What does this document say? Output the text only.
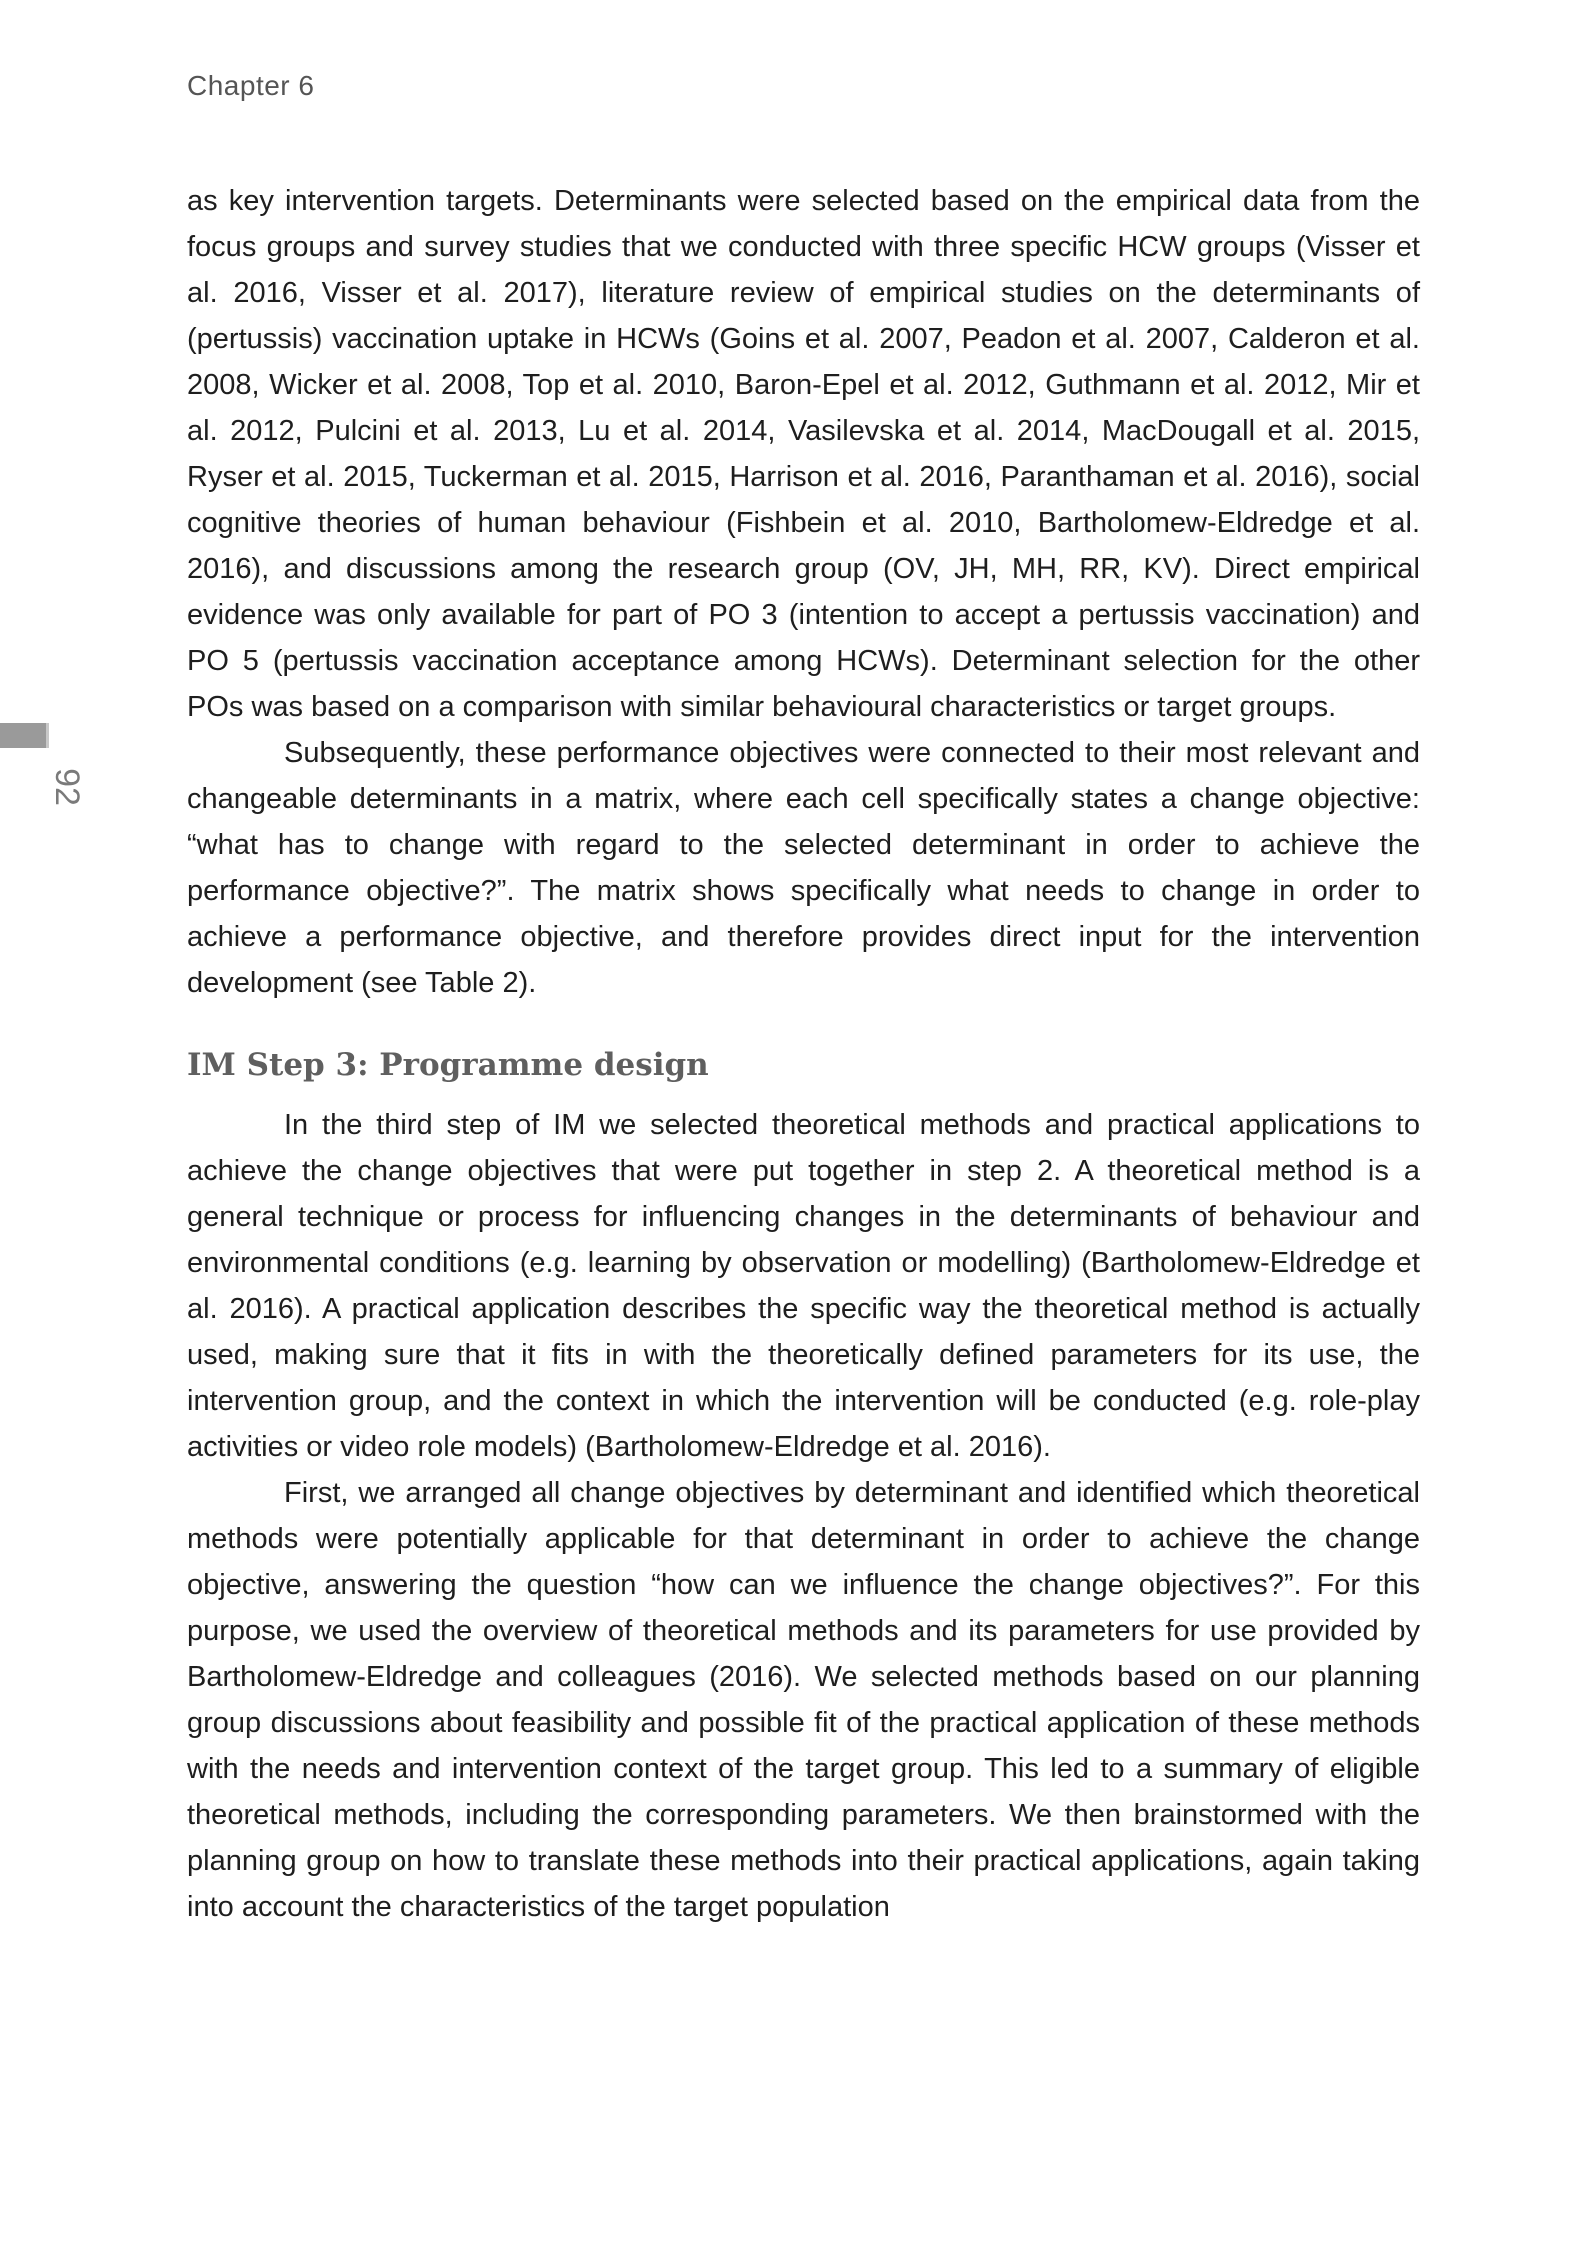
Chapter 6
92

as key intervention targets. Determinants were selected based on the empirical data from the focus groups and survey studies that we conducted with three specific HCW groups (Visser et al. 2016, Visser et al. 2017), literature review of empirical studies on the determinants of (pertussis) vaccination uptake in HCWs (Goins et al. 2007, Peadon et al. 2007, Calderon et al. 2008, Wicker et al. 2008, Top et al. 2010, Baron-Epel et al. 2012, Guthmann et al. 2012, Mir et al. 2012, Pulcini et al. 2013, Lu et al. 2014, Vasilevska et al. 2014, MacDougall et al. 2015, Ryser et al. 2015, Tuckerman et al. 2015, Harrison et al. 2016, Paranthaman et al. 2016), social cognitive theories of human behaviour (Fishbein et al. 2010, Bartholomew-Eldredge et al. 2016), and discussions among the research group (OV, JH, MH, RR, KV). Direct empirical evidence was only available for part of PO 3 (intention to accept a pertussis vaccination) and PO 5 (pertussis vaccination acceptance among HCWs). Determinant selection for the other POs was based on a comparison with similar behavioural characteristics or target groups.

Subsequently, these performance objectives were connected to their most relevant and changeable determinants in a matrix, where each cell specifically states a change objective: “what has to change with regard to the selected determinant in order to achieve the performance objective?”. The matrix shows specifically what needs to change in order to achieve a performance objective, and therefore provides direct input for the intervention development (see Table 2).

IM Step 3: Programme design

In the third step of IM we selected theoretical methods and practical applications to achieve the change objectives that were put together in step 2. A theoretical method is a general technique or process for influencing changes in the determinants of behaviour and environmental conditions (e.g. learning by observation or modelling) (Bartholomew-Eldredge et al. 2016). A practical application describes the specific way the theoretical method is actually used, making sure that it fits in with the theoretically defined parameters for its use, the intervention group, and the context in which the intervention will be conducted (e.g. role-play activities or video role models) (Bartholomew-Eldredge et al. 2016).

First, we arranged all change objectives by determinant and identified which theoretical methods were potentially applicable for that determinant in order to achieve the change objective, answering the question “how can we influence the change objectives?”. For this purpose, we used the overview of theoretical methods and its parameters for use provided by Bartholomew-Eldredge and colleagues (2016). We selected methods based on our planning group discussions about feasibility and possible fit of the practical application of these methods with the needs and intervention context of the target group. This led to a summary of eligible theoretical methods, including the corresponding parameters. We then brainstormed with the planning group on how to translate these methods into their practical applications, again taking into account the characteristics of the target population
